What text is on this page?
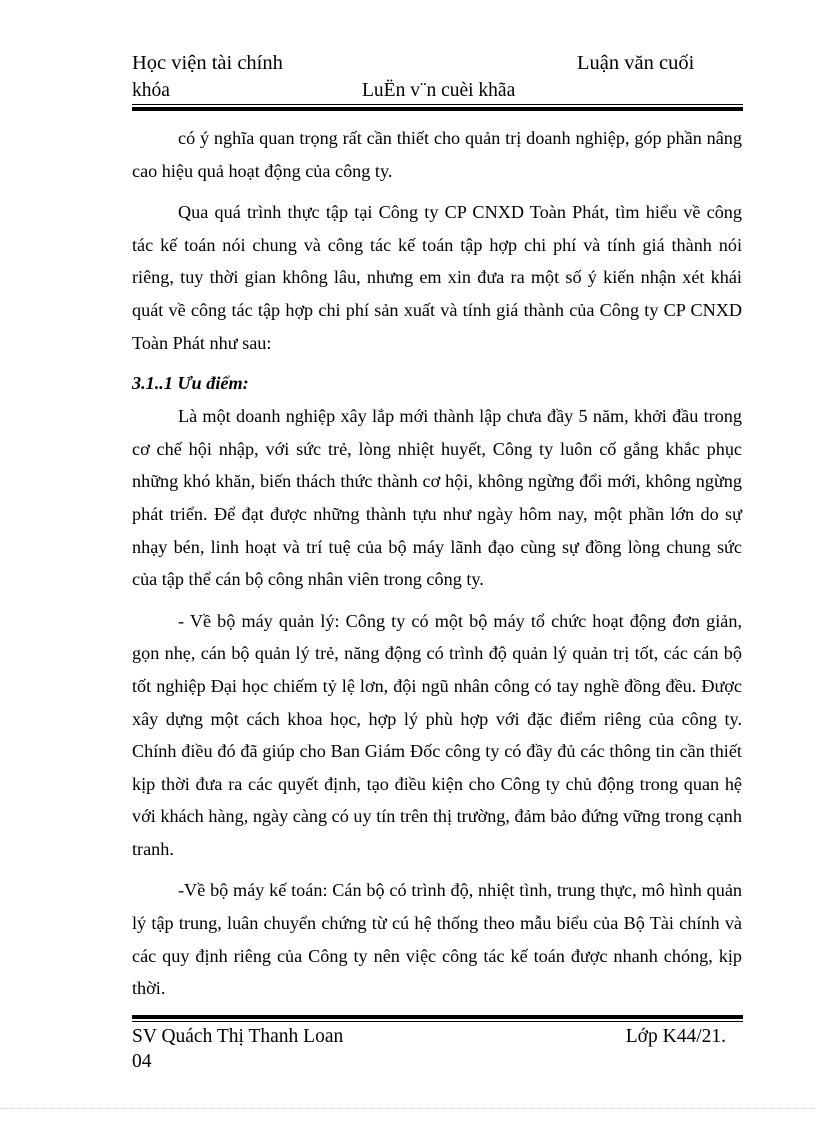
Học viện tài chính	Luận văn cuối
khóa	LuËn v¨n cuèi khãa

có ý nghĩa quan trọng rất cần thiết cho quản trị doanh nghiệp, góp phần nâng cao hiệu quả hoạt động của công ty.

Qua quá trình thực tập tại Công ty CP CNXD Toàn Phát, tìm hiểu về công tác kế toán nói chung và công tác kế toán tập hợp chi phí và tính giá thành nói riêng, tuy thời gian không lâu, nhưng em xin đưa ra một số ý kiến nhận xét khái quát về công tác tập hợp chi phí sản xuất và tính giá thành của Công ty CP CNXD Toàn Phát như sau:

3.1..1 Ưu điểm:

Là một doanh nghiệp xây lắp mới thành lập chưa đầy 5 năm, khởi đầu trong cơ chế hội nhập, với sức trẻ, lòng nhiệt huyết, Công ty luôn cố gắng khắc phục những khó khăn, biến thách thức thành cơ hội, không ngừng đổi mới, không ngừng phát triển. Để đạt được những thành tựu như ngày hôm nay, một phần lớn do sự nhạy bén, linh hoạt và trí tuệ của bộ máy lãnh đạo cùng sự đồng lòng chung sức của tập thể cán bộ công nhân viên trong công ty.

- Về bộ máy quản lý: Công ty có một bộ máy tổ chức hoạt động đơn giản, gọn nhẹ, cán bộ quản lý trẻ, năng động có trình độ quản lý quản trị tốt, các cán bộ tốt nghiệp Đại học chiếm tỷ lệ lơn, đội ngũ nhân công có tay nghề đồng đều. Được xây dựng một cách khoa học, hợp lý phù hợp với đặc điểm riêng của công ty. Chính điều đó đã giúp cho Ban Giám Đốc công ty có đầy đủ các thông tin cần thiết kịp thời đưa ra các quyết định, tạo điều kiện cho Công ty chủ động trong quan hệ với khách hàng, ngày càng có uy tín trên thị trường, đảm bảo đứng vững trong cạnh tranh.

-Về bộ máy kế toán: Cán bộ có trình độ, nhiệt tình, trung thực, mô hình quản lý tập trung, luân chuyển chứng từ cú hệ thống theo mẫu biểu của Bộ Tài chính và các quy định riêng của Công ty nên việc công tác kế toán được nhanh chóng, kịp thời.

SV Quách Thị Thanh Loan	Lớp K44/21.
04
